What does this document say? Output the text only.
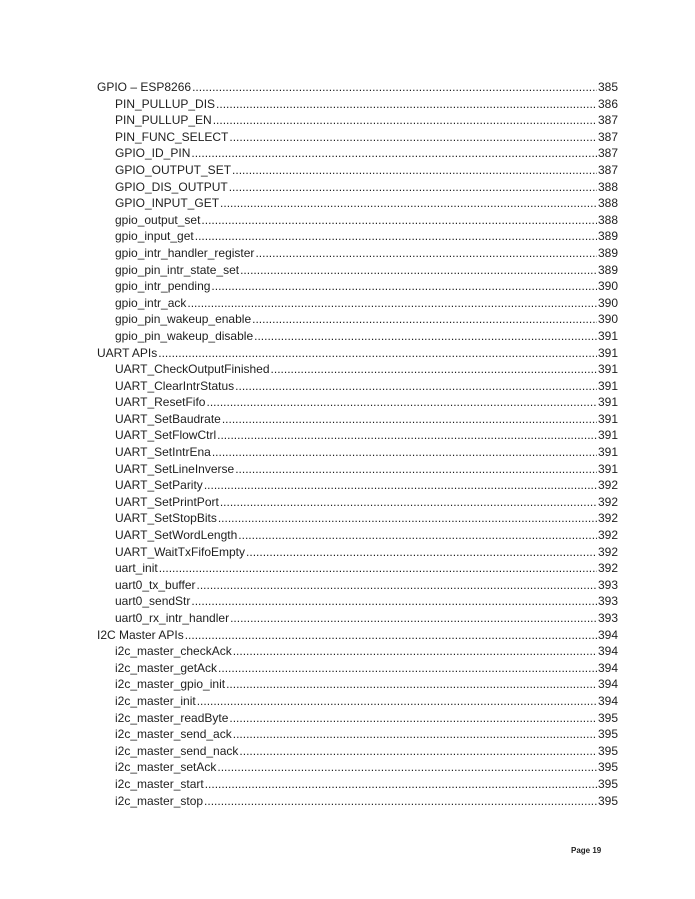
GPIO – ESP8266 .....	385
PIN_PULLUP_DIS .....	386
PIN_PULLUP_EN .....	387
PIN_FUNC_SELECT .....	387
GPIO_ID_PIN .....	387
GPIO_OUTPUT_SET .....	387
GPIO_DIS_OUTPUT .....	388
GPIO_INPUT_GET .....	388
gpio_output_set .....	388
gpio_input_get .....	389
gpio_intr_handler_register .....	389
gpio_pin_intr_state_set .....	389
gpio_intr_pending .....	390
gpio_intr_ack .....	390
gpio_pin_wakeup_enable .....	390
gpio_pin_wakeup_disable .....	391
UART APIs .....	391
UART_CheckOutputFinished .....	391
UART_ClearIntrStatus .....	391
UART_ResetFifo .....	391
UART_SetBaudrate .....	391
UART_SetFlowCtrl .....	391
UART_SetIntrEna .....	391
UART_SetLineInverse .....	391
UART_SetParity .....	392
UART_SetPrintPort .....	392
UART_SetStopBits .....	392
UART_SetWordLength .....	392
UART_WaitTxFifoEmpty .....	392
uart_init .....	392
uart0_tx_buffer .....	393
uart0_sendStr .....	393
uart0_rx_intr_handler .....	393
I2C Master APIs .....	394
i2c_master_checkAck .....	394
i2c_master_getAck .....	394
i2c_master_gpio_init .....	394
i2c_master_init .....	394
i2c_master_readByte .....	395
i2c_master_send_ack .....	395
i2c_master_send_nack .....	395
i2c_master_setAck .....	395
i2c_master_start .....	395
i2c_master_stop .....	395
Page 19
